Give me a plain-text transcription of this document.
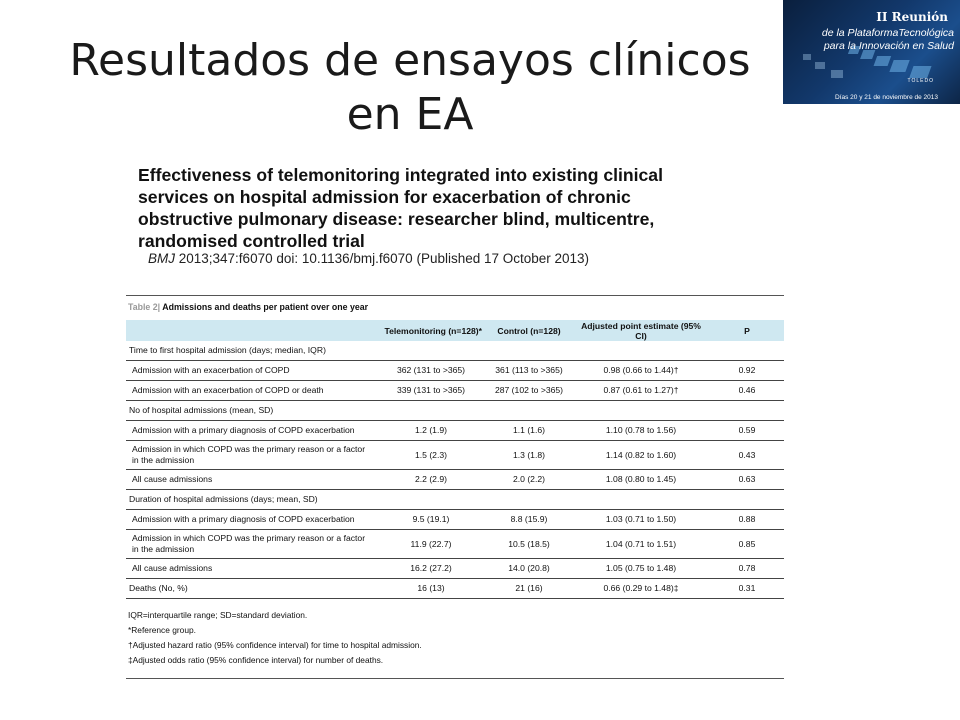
Resultados de ensayos clínicos
en EA
II Reunión
de la PlataformaTecnológica
para la Innovación en Salud
TOLEDO
Días 20 y 21 de noviembre de 2013

Effectiveness of telemonitoring integrated into existing clinical services on hospital admission for exacerbation of chronic obstructive pulmonary disease: researcher blind, multicentre, randomised controlled trial

BMJ 2013;347:f6070 doi: 10.1136/bmj.f6070 (Published 17 October 2013)
Table 2| Admissions and deaths per patient over one year
	Telemonitoring (n=128)*	Control (n=128)	Adjusted point estimate (95% CI)	P
Time to first hospital admission (days; median, IQR)				
Admission with an exacerbation of COPD	362 (131 to >365)	361 (113 to >365)	0.98 (0.66 to 1.44)†	0.92
Admission with an exacerbation of COPD or death	339 (131 to >365)	287 (102 to >365)	0.87 (0.61 to 1.27)†	0.46
No of hospital admissions (mean, SD)				
Admission with a primary diagnosis of COPD exacerbation	1.2 (1.9)	1.1 (1.6)	1.10 (0.78 to 1.56)	0.59
Admission in which COPD was the primary reason or a factor in the admission	1.5 (2.3)	1.3 (1.8)	1.14 (0.82 to 1.60)	0.43
All cause admissions	2.2 (2.9)	2.0 (2.2)	1.08 (0.80 to 1.45)	0.63
Duration of hospital admissions (days; mean, SD)				
Admission with a primary diagnosis of COPD exacerbation	9.5 (19.1)	8.8 (15.9)	1.03 (0.71 to 1.50)	0.88
Admission in which COPD was the primary reason or a factor in the admission	11.9 (22.7)	10.5 (18.5)	1.04 (0.71 to 1.51)	0.85
All cause admissions	16.2 (27.2)	14.0 (20.8)	1.05 (0.75 to 1.48)	0.78
Deaths (No, %)	16 (13)	21 (16)	0.66 (0.29 to 1.48)‡	0.31
IQR=interquartile range; SD=standard deviation.
*Reference group.
†Adjusted hazard ratio (95% confidence interval) for time to hospital admission.
‡Adjusted odds ratio (95% confidence interval) for number of deaths.
